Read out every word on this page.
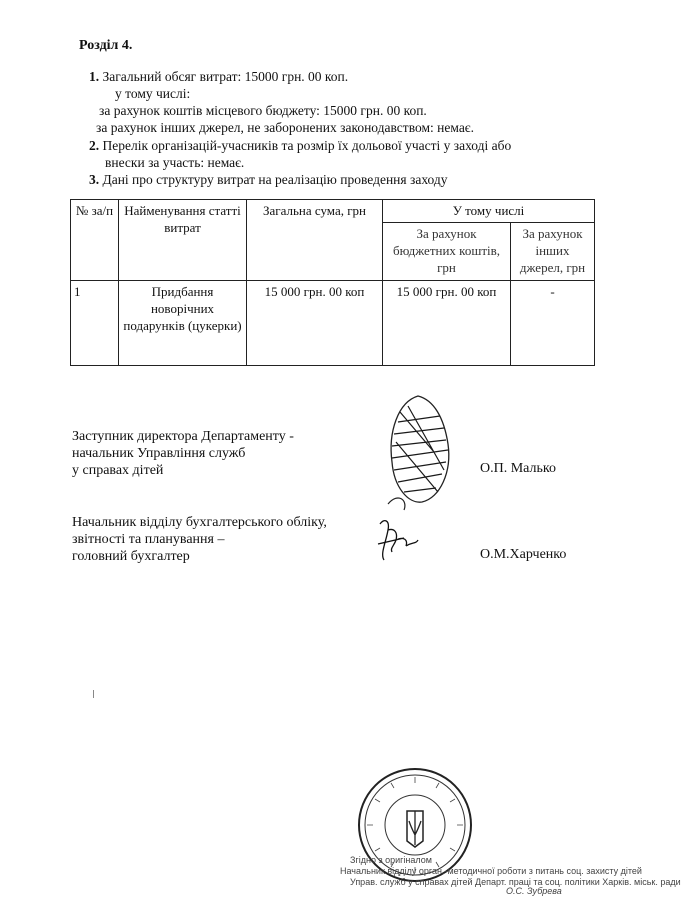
Розділ 4.
1. Загальний обсяг витрат: 15000 грн. 00 коп.
у тому числі:
за рахунок коштів місцевого бюджету: 15000 грн. 00 коп.
за рахунок інших джерел, не заборонених законодавством: немає.
2. Перелік організацій-учасників та розмір їх дольової участі у заході або
внески за участь: немає.
3. Дані про структуру витрат на реалізацію проведення заходу
№ за/п	Найменування статті витрат	Загальна сума, грн	У тому числі	
			За рахунок бюджетних коштів, грн	За рахунок інших джерел, грн
1	Придбання новорічних подарунків (цукерки)	15 000 грн. 00 коп	15 000 грн. 00 коп	-
Заступник директора Департаменту -
начальник Управління служб
у справах дітей	О.П. Малько
Начальник відділу бухгалтерського обліку,
звітності та планування –
головний бухгалтер	О.М.Харченко
Згідно з оригіналом
Начальник відділу орган.-методичної роботи з питань соц. захисту дітей
Управ. служб у справах дітей Департ. праці та соц. політики Харків. міськ. ради
О.С. Зубрева
